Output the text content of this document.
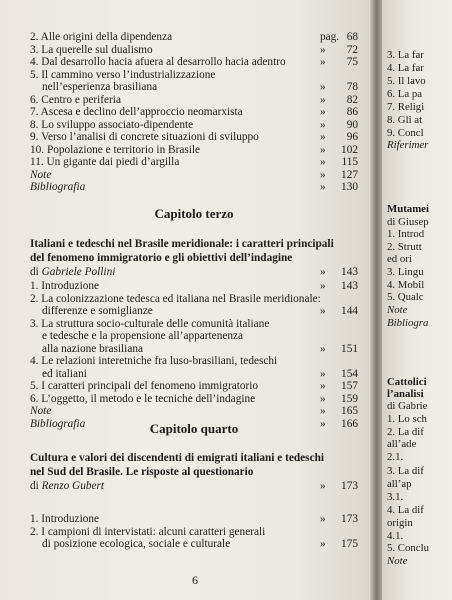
2. Alle origini della dipendenza	pag. 68
3. La querelle sul dualismo	» 72
4. Dal desarrollo hacia afuera al desarrollo hacia adentro	» 75
5. Il cammino verso l’industrializzazione
nell’esperienza brasiliana	» 78
6. Centro e periferia	» 82
7. Ascesa e declino dell’approccio neomarxista	» 86
8. Lo sviluppo associato-dipendente	» 90
9. Verso l’analisi di concrete situazioni di sviluppo	» 96
10. Popolazione e territorio in Brasile	» 102
11. Un gigante dai piedi d’argilla	» 115
Note	» 127
Bibliografia	» 130
Capitolo terzo
Italiani e tedeschi nel Brasile meridionale: i caratteri principali
del fenomeno immigratorio e gli obiettivi dell’indagine
di Gabriele Pollini	» 143
1. Introduzione	» 143
2. La colonizzazione tedesca ed italiana nel Brasile meridionale:
differenze e somiglianze	» 144
3. La struttura socio-culturale delle comunità italiane
e tedesche e la propensione all’appartenenza
alla nazione brasiliana	» 151
4. Le relazioni interetniche fra luso-brasiliani, tedeschi
ed italiani	» 154
5. I caratteri principali del fenomeno immigratorio	» 157
6. L’oggetto, il metodo e le tecniche dell’indagine	» 159
Note	» 165
Bibliografia	» 166
Capitolo quarto
Cultura e valori dei discendenti di emigrati italiani e tedeschi
nel Sud del Brasile. Le risposte al questionario
di Renzo Gubert	» 173
1. Introduzione	» 173
2. I campioni di intervistati: alcuni caratteri generali
di posizione ecologica, sociale e culturale	» 175
6
3. La far
4. La far
5. Il lavo
6. La pa
7. Religi
8. Gli at
9. Concl
Riferimer
Mutamei
di Giusep
1. Introd
2. Strutt
ed ori
3. Lingu
4. Mobil
5. Qualc
Note
Bibliogra
Cattolici
l’analisi
di Gabrie
1. Lo sch
2. La dif
all’ade
2.1.
3. La dif
all’ap
3.1.
4. La dif
origin
4.1.
5. Conclu
Note
